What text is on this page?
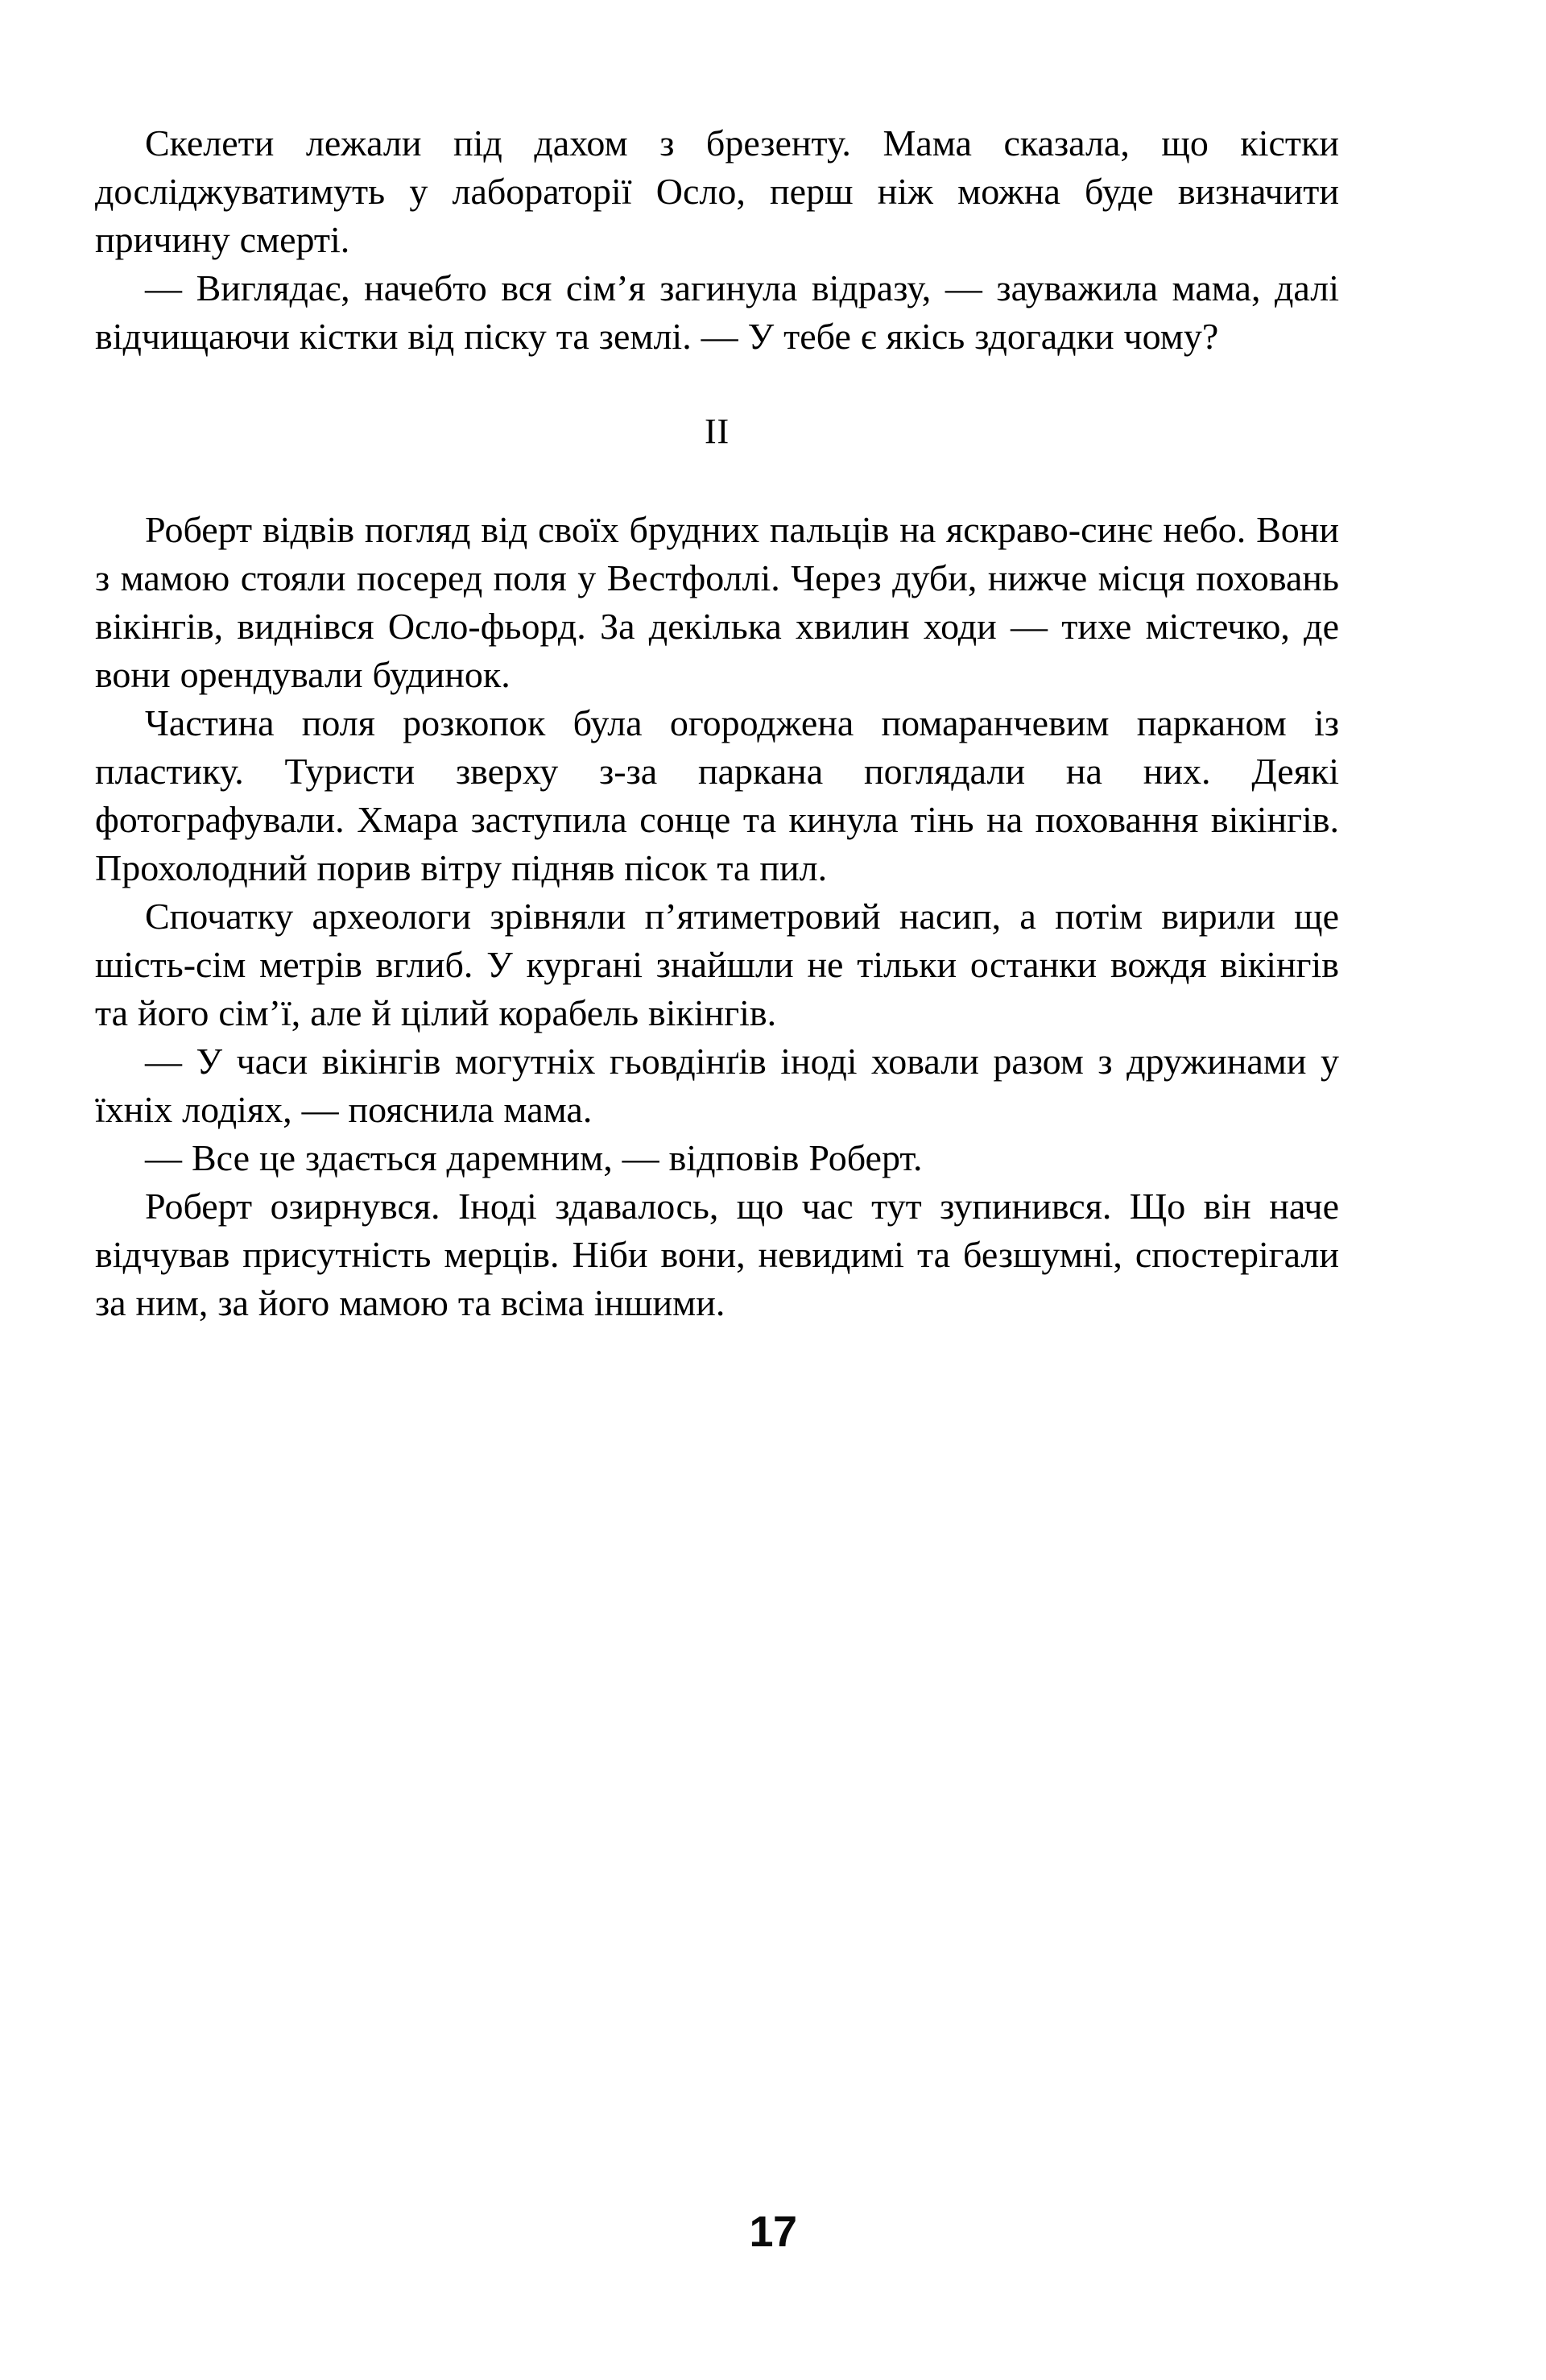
Скелети лежали під дахом з брезенту. Мама сказала, що кістки досліджуватимуть у лабораторії Осло, перш ніж можна буде визначити причину смерті.

— Виглядає, начебто вся сім’я загинула відразу, — зауважила мама, далі відчищаючи кістки від піску та землі. — У тебе є якісь здогадки чому?

II

Роберт відвів погляд від своїх брудних пальців на яскраво-синє небо. Вони з мамою стояли посеред поля у Вестфоллі. Через дуби, нижче місця поховань вікінгів, виднівся Осло-фьорд. За декілька хвилин ходи — тихе містечко, де вони орендували будинок.

Частина поля розкопок була огороджена помаранчевим парканом із пластику. Туристи зверху з-за паркана поглядали на них. Деякі фотографували. Хмара заступила сонце та кинула тінь на поховання вікінгів. Прохолодний порив вітру підняв пісок та пил.

Спочатку археологи зрівняли п’ятиметровий насип, а потім вирили ще шість-сім метрів вглиб. У кургані знайшли не тільки останки вождя вікінгів та його сім’ї, але й цілий корабель вікінгів.

— У часи вікінгів могутніх гьовдінґів іноді ховали разом з дружинами у їхніх лодіях, — пояснила мама.

— Все це здається даремним, — відповів Роберт.

Роберт озирнувся. Іноді здавалось, що час тут зупинився. Що він наче відчував присутність мерців. Ніби вони, невидимі та безшумні, спостерігали за ним, за його мамою та всіма іншими.

17
